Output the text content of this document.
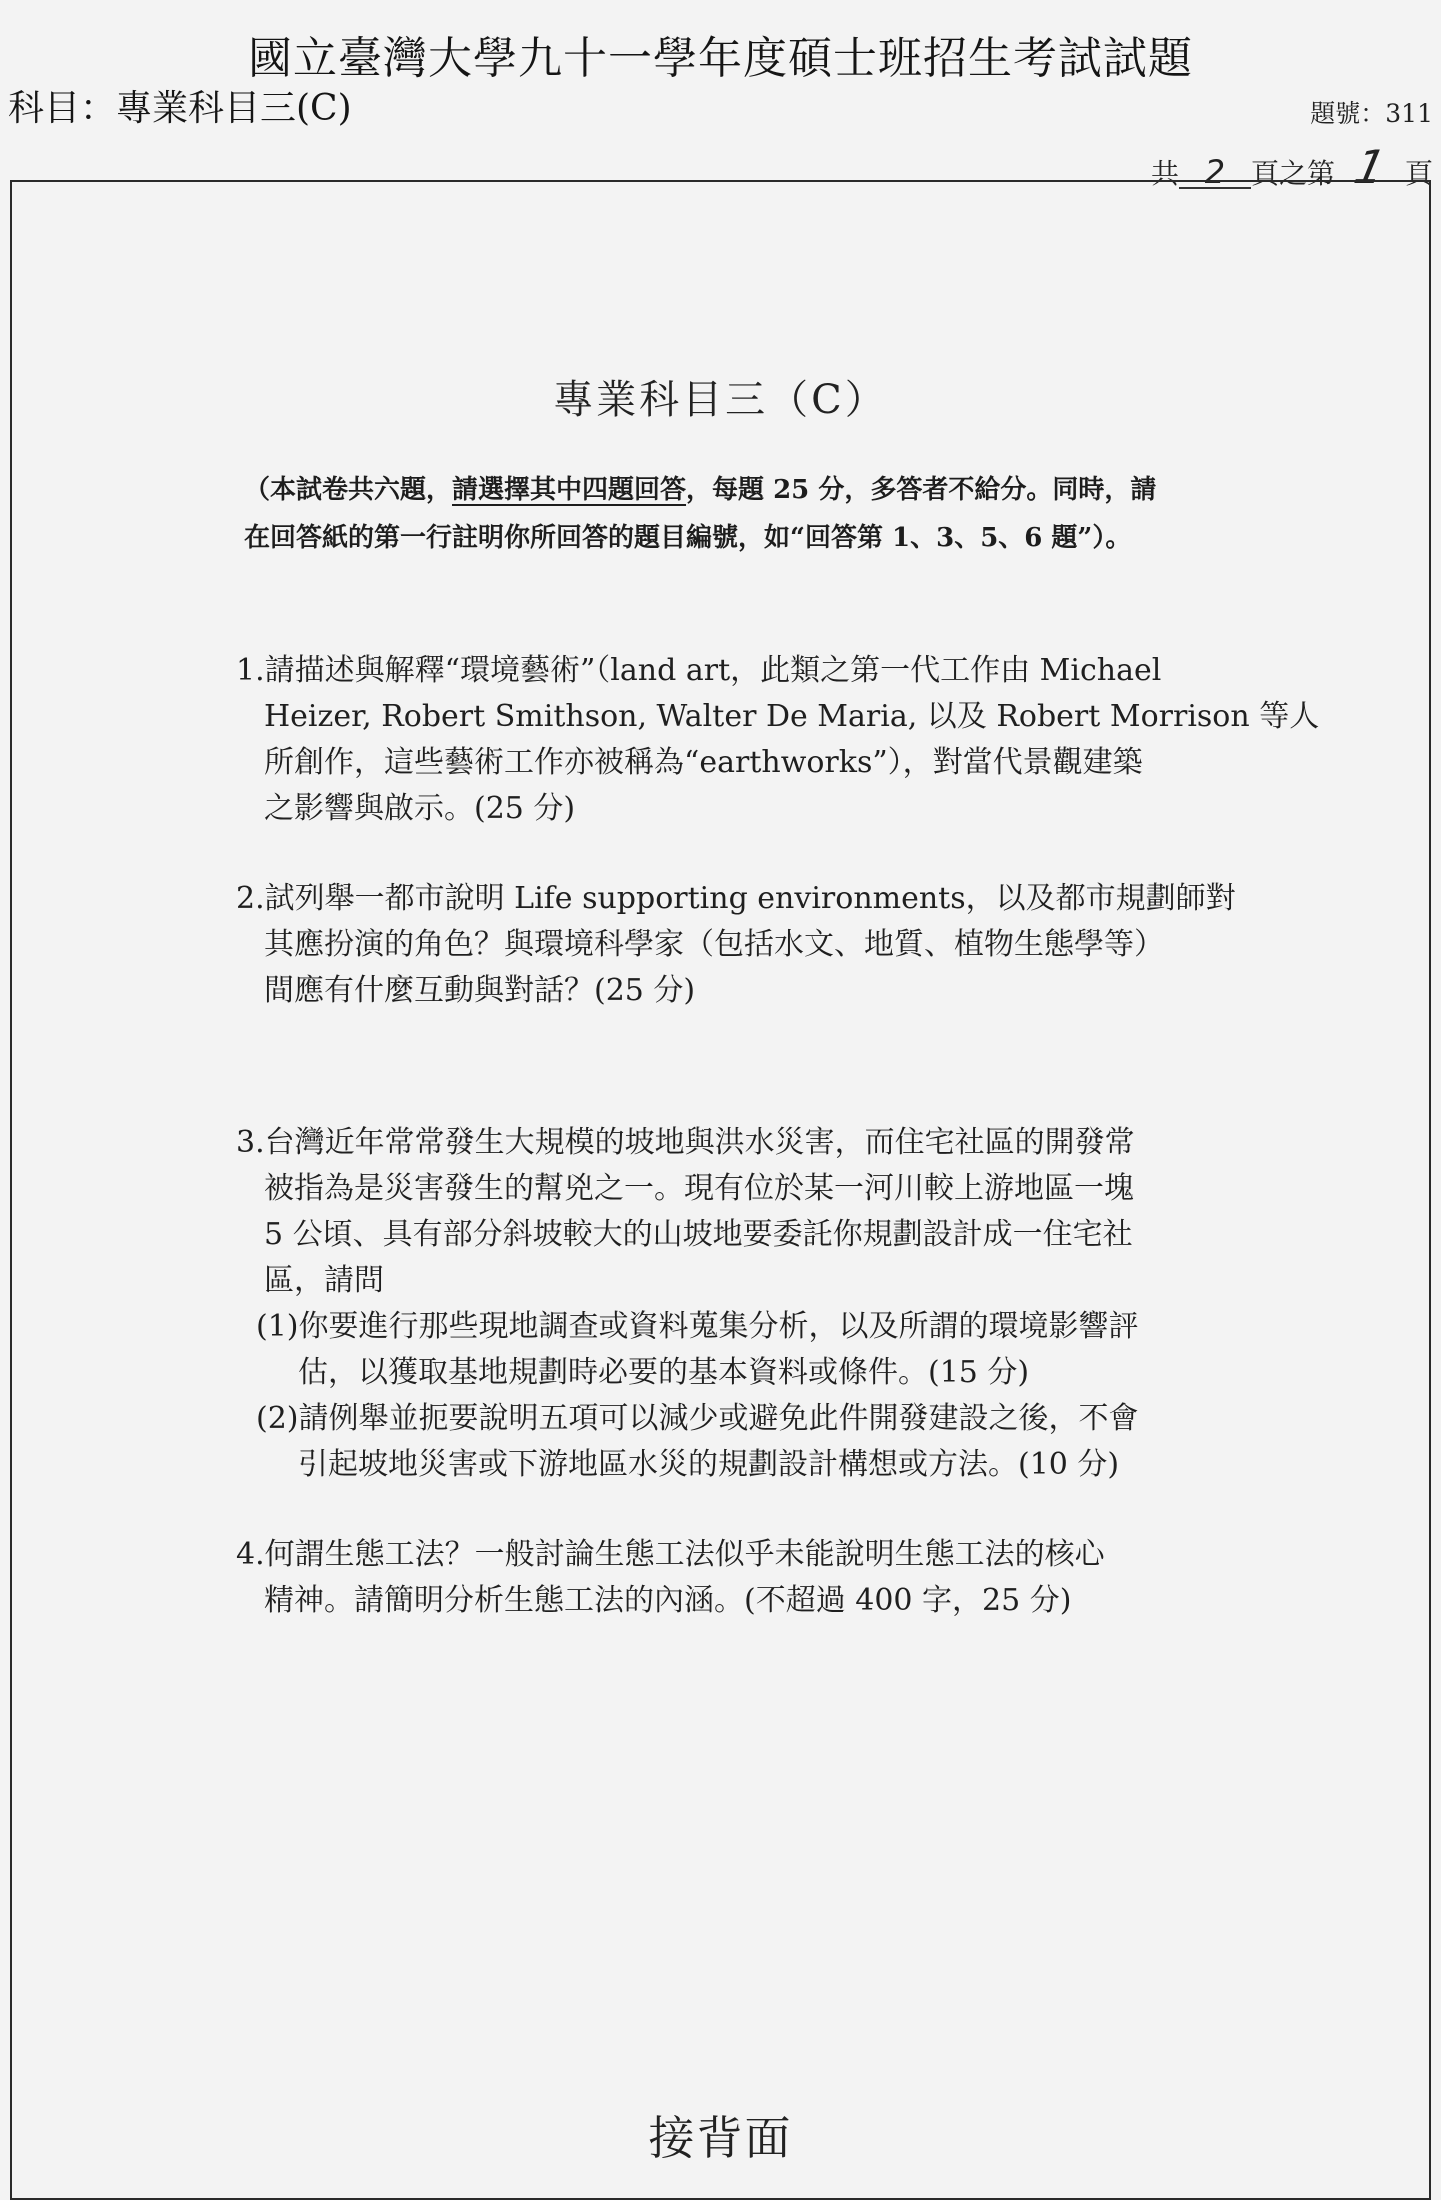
國立臺灣大學九十一學年度碩士班招生考試試題
科目：專業科目三(C)	題號：311
共 2 頁之第 1 頁
專業科目三（C）
（本試卷共六題，請選擇其中四題回答，每題 25 分，多答者不給分。同時，請
在回答紙的第一行註明你所回答的題目編號，如“回答第 1、3、5、6 題”）。
1.請描述與解釋“環境藝術”（land art，此類之第一代工作由 Michael
Heizer, Robert Smithson, Walter De Maria, 以及 Robert Morrison 等人
所創作，這些藝術工作亦被稱為“earthworks”），對當代景觀建築
之影響與啟示。(25 分)
2.試列舉一都市說明 Life supporting environments，以及都市規劃師對
其應扮演的角色？與環境科學家（包括水文、地質、植物生態學等）
間應有什麼互動與對話？(25 分)
3.台灣近年常常發生大規模的坡地與洪水災害，而住宅社區的開發常
被指為是災害發生的幫兇之一。現有位於某一河川較上游地區一塊
5 公頃、具有部分斜坡較大的山坡地要委託你規劃設計成一住宅社
區，請問
(1)你要進行那些現地調查或資料蒐集分析，以及所謂的環境影響評
估，以獲取基地規劃時必要的基本資料或條件。(15 分)
(2)請例舉並扼要說明五項可以減少或避免此件開發建設之後，不會
引起坡地災害或下游地區水災的規劃設計構想或方法。(10 分)
4.何謂生態工法？一般討論生態工法似乎未能說明生態工法的核心
精神。請簡明分析生態工法的內涵。(不超過 400 字，25 分)
接背面
